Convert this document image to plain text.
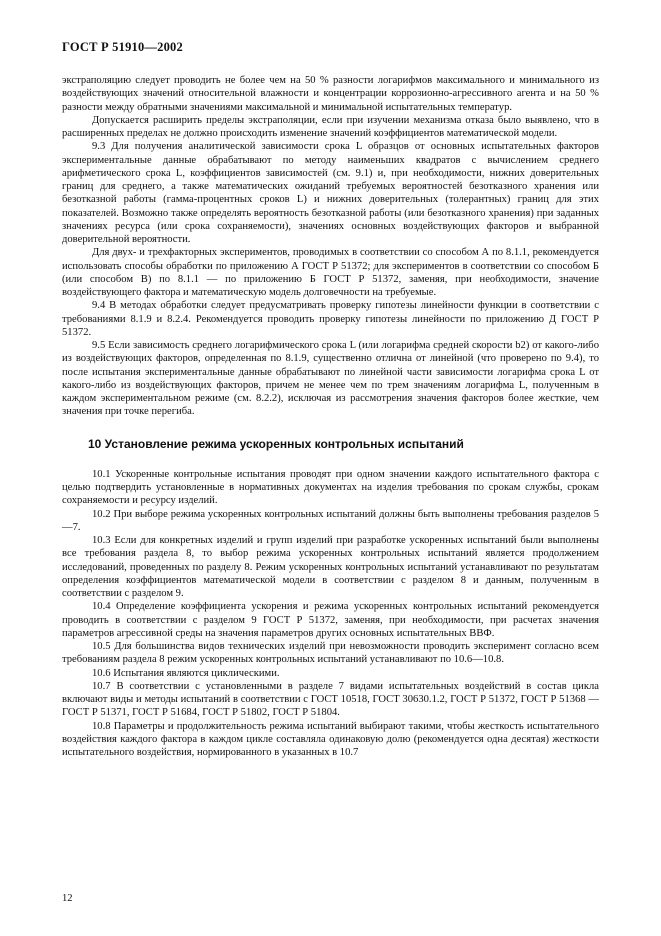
ГОСТ Р 51910—2002

экстраполяцию следует проводить не более чем на 50 % разности логарифмов максимального и минимального из воздействующих значений относительной влажности и концентрации коррозионно-агрессивного агента и на 50 % разности между обратными значениями максимальной и минимальной испытательных температур.

Допускается расширить пределы экстраполяции, если при изучении механизма отказа было выявлено, что в расширенных пределах не должно происходить изменение значений коэффициентов математической модели.

9.3 Для получения аналитической зависимости срока L образцов от основных испытательных факторов экспериментальные данные обрабатывают по методу наименьших квадратов с вычислением среднего арифметического срока L, коэффициентов зависимостей (см. 9.1) и, при необходимости, нижних доверительных границ для среднего, а также математических ожиданий требуемых вероятностей безотказного хранения или безотказной работы (гамма-процентных сроков L) и нижних доверительных (толерантных) границ для этих показателей. Возможно также определять вероятность безотказной работы (или безотказного хранения) при заданных значениях ресурса (или срока сохраняемости), значениях основных воздействующих факторов и выбранной доверительной вероятности.

Для двух- и трехфакторных экспериментов, проводимых в соответствии со способом А по 8.1.1, рекомендуется использовать способы обработки по приложению А ГОСТ Р 51372; для экспериментов в соответствии со способом Б (или способом В) по 8.1.1 — по приложению Б ГОСТ Р 51372, заменяя, при необходимости, значение воздействующего фактора и математическую модель долговечности на требуемые.

9.4 В методах обработки следует предусматривать проверку гипотезы линейности функции в соответствии с требованиями 8.1.9 и 8.2.4. Рекомендуется проводить проверку гипотезы линейности по приложению Д ГОСТ Р 51372.

9.5 Если зависимость среднего логарифмического срока L (или логарифма средней скорости b2) от какого-либо из воздействующих факторов, определенная по 8.1.9, существенно отлична от линейной (что проверено по 9.4), то после испытания экспериментальные данные обрабатывают по линейной части зависимости логарифма срока L от какого-либо из воздействующих факторов, причем не менее чем по трем значениям логарифма L, полученным в каждом экспериментальном режиме (см. 8.2.2), исключая из рассмотрения значения факторов более жесткие, чем значения при точке перегиба.

10 Установление режима ускоренных контрольных испытаний

10.1 Ускоренные контрольные испытания проводят при одном значении каждого испытательного фактора с целью подтвердить установленные в нормативных документах на изделия требования по срокам службы, срокам сохраняемости и ресурсу изделий.

10.2 При выборе режима ускоренных контрольных испытаний должны быть выполнены требования разделов 5—7.

10.3 Если для конкретных изделий и групп изделий при разработке ускоренных испытаний были выполнены все требования раздела 8, то выбор режима ускоренных контрольных испытаний является продолжением исследований, проведенных по разделу 8. Режим ускоренных контрольных испытаний устанавливают по результатам определения коэффициентов математической модели в соответствии с разделом 8 и данным, полученным в соответствии с разделом 9.

10.4 Определение коэффициента ускорения и режима ускоренных контрольных испытаний рекомендуется проводить в соответствии с разделом 9 ГОСТ Р 51372, заменяя, при необходимости, при расчетах значения параметров агрессивной среды на значения параметров других основных испытательных ВВФ.

10.5 Для большинства видов технических изделий при невозможности проводить эксперимент согласно всем требованиям раздела 8 режим ускоренных контрольных испытаний устанавливают по 10.6—10.8.

10.6 Испытания являются циклическими.

10.7 В соответствии с установленными в разделе 7 видами испытательных воздействий в состав цикла включают виды и методы испытаний в соответствии с ГОСТ 10518, ГОСТ 30630.1.2, ГОСТ Р 51372, ГОСТ Р 51368 — ГОСТ Р 51371, ГОСТ Р 51684, ГОСТ Р 51802, ГОСТ Р 51804.

10.8 Параметры и продолжительность режима испытаний выбирают такими, чтобы жесткость испытательного воздействия каждого фактора в каждом цикле составляла одинаковую долю (рекомендуется одна десятая) жесткости испытательного воздействия, нормированного в указанных в 10.7

12
